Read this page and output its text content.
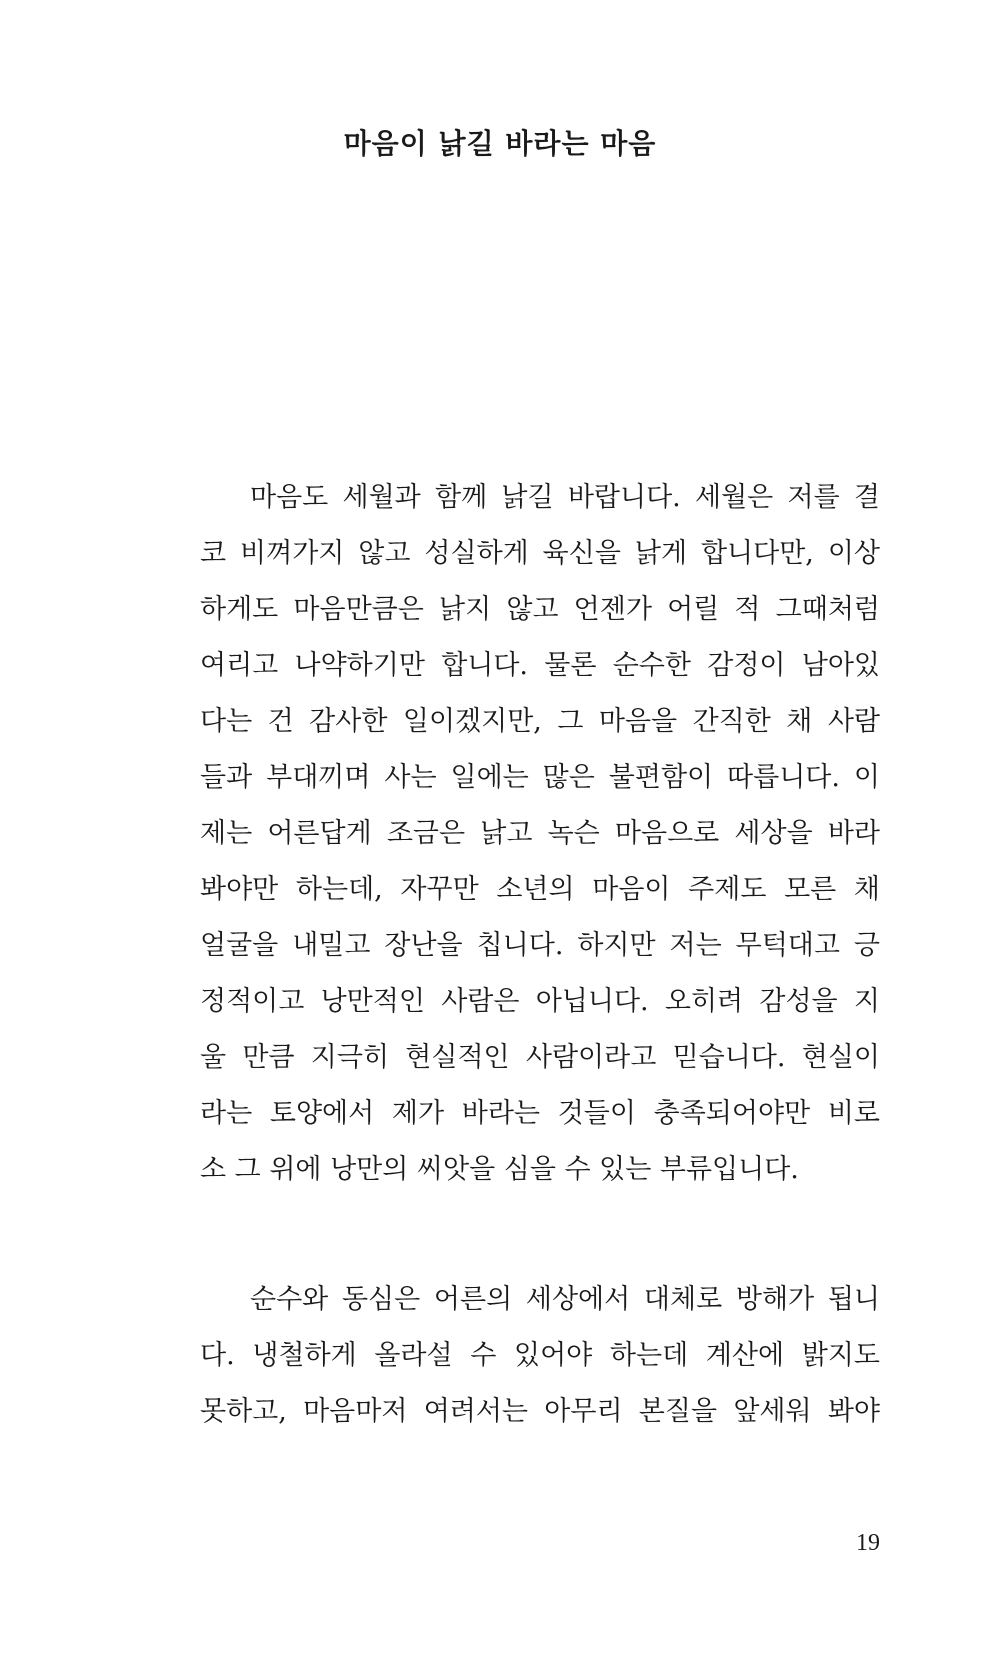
마음이 낡길 바라는 마음
마음도 세월과 함께 낡길 바랍니다. 세월은 저를 결
코 비껴가지 않고 성실하게 육신을 낡게 합니다만, 이상
하게도 마음만큼은 낡지 않고 언젠가 어릴 적 그때처럼
여리고 나약하기만 합니다. 물론 순수한 감정이 남아있
다는 건 감사한 일이겠지만, 그 마음을 간직한 채 사람
들과 부대끼며 사는 일에는 많은 불편함이 따릅니다. 이
제는 어른답게 조금은 낡고 녹슨 마음으로 세상을 바라
봐야만 하는데, 자꾸만 소년의 마음이 주제도 모른 채
얼굴을 내밀고 장난을 칩니다. 하지만 저는 무턱대고 긍
정적이고 낭만적인 사람은 아닙니다. 오히려 감성을 지
울 만큼 지극히 현실적인 사람이라고 믿습니다. 현실이
라는 토양에서 제가 바라는 것들이 충족되어야만 비로
소 그 위에 낭만의 씨앗을 심을 수 있는 부류입니다.
순수와 동심은 어른의 세상에서 대체로 방해가 됩니
다. 냉철하게 올라설 수 있어야 하는데 계산에 밝지도
못하고, 마음마저 여려서는 아무리 본질을 앞세워 봐야

19
